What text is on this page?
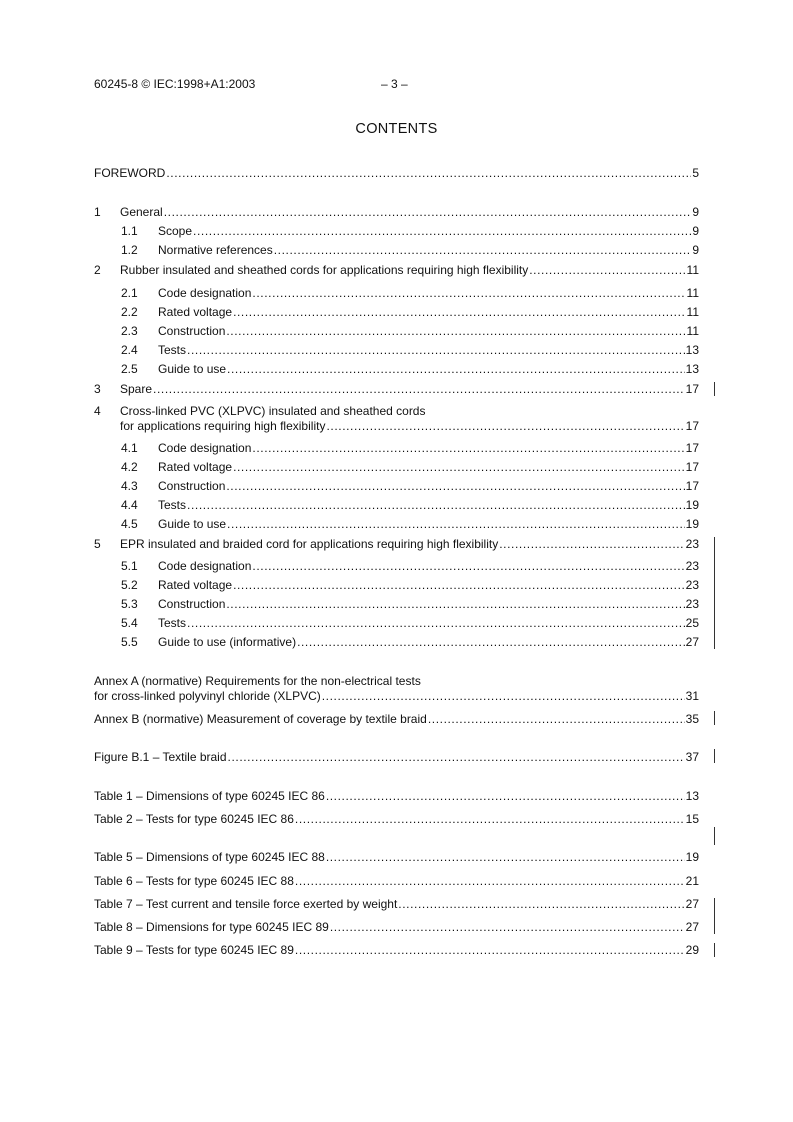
60245-8 © IEC:1998+A1:2003	– 3 –
CONTENTS
FOREWORD .....	5
1	General .....	9
1.1	Scope .....	9
1.2	Normative references .....	9
2	Rubber insulated and sheathed cords for applications requiring high flexibility .....	11
2.1	Code designation .....	11
2.2	Rated voltage .....	11
2.3	Construction .....	11
2.4	Tests .....	13
2.5	Guide to use .....	13
3	Spare .....	17
4 Cross-linked PVC (XLPVC) insulated and sheathed cords
for applications requiring high flexibility .....	17
4.1	Code designation .....	17
4.2	Rated voltage .....	17
4.3	Construction .....	17
4.4	Tests .....	19
4.5	Guide to use .....	19
5	EPR insulated and braided cord for applications requiring high flexibility .....	23
5.1	Code designation .....	23
5.2	Rated voltage .....	23
5.3	Construction .....	23
5.4	Tests .....	25
5.5	Guide to use (informative) .....	27
Annex A (normative) Requirements for the non-electrical tests
for cross-linked polyvinyl chloride (XLPVC) .....	31
Annex B (normative) Measurement of coverage by textile braid .....	35
Figure B.1 – Textile braid .....	37
Table 1 – Dimensions of type 60245 IEC 86 .....	13
Table 2 – Tests for type 60245 IEC 86 .....	15
Table 5 – Dimensions of type 60245 IEC 88 .....	19
Table 6 – Tests for type 60245 IEC 88 .....	21
Table 7 – Test current and tensile force exerted by weight .....	27
Table 8 – Dimensions for type 60245 IEC 89 .....	27
Table 9 – Tests for type 60245 IEC 89 .....	29
